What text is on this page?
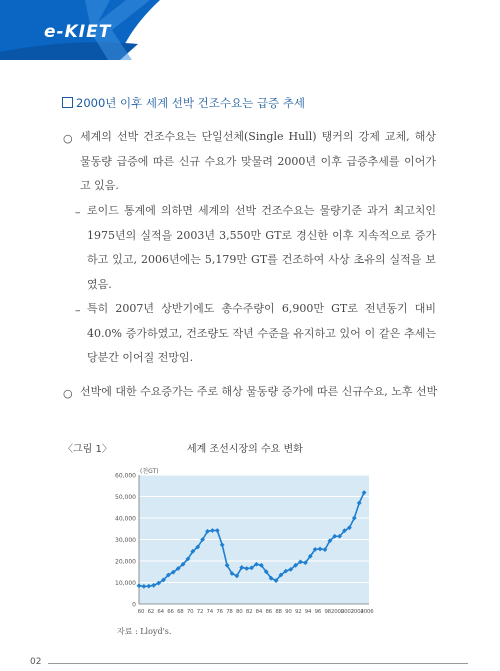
e-KIET
2000년 이후 세계 선박 건조수요는 급증 추세
○ 세계의 선박 건조수요는 단일선체(Single Hull) 탱커의 강제 교체, 해상 물동량 급증에 따른 신규 수요가 맞물려 2000년 이후 급증추세를 이어가고 있음.
– 로이드 통계에 의하면 세계의 선박 건조수요는 물량기준 과거 최고치인 1975년의 실적을 2003년 3,550만 GT로 경신한 이후 지속적으로 증가하고 있고, 2006년에는 5,179만 GT를 건조하여 사상 초유의 실적을 보였음.
– 특히 2007년 상반기에도 총수주량이 6,900만 GT로 전년동기 대비 40.0% 증가하였고, 건조량도 작년 수준을 유지하고 있어 이 같은 추세는 당분간 이어질 전망임.
○ 선박에 대한 수요증가는 주로 해상 물동량 증가에 따른 신규수요, 노후 선박
〈그림 1〉	세계 조선시장의 수요 변화
0
10,000
20,000
30,000
40,000
50,000
60,000
(천GT)
60 62 64 66 68 70 72 74 76 78 80 82 84 86 88 90 92 94 96 98 2000
2002
2004
2006
자료 : Lloyd's.
02
